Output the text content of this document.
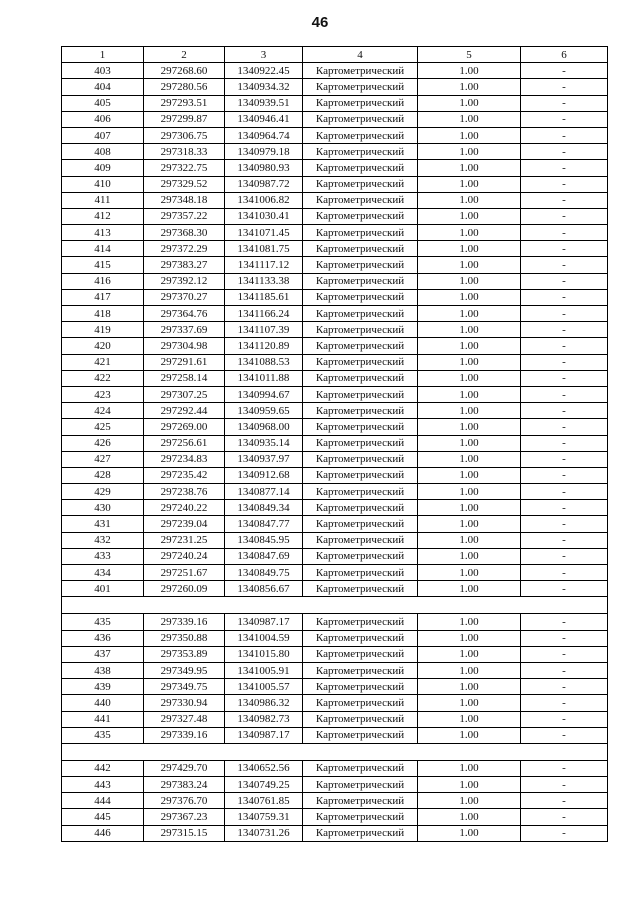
46
1	2	3	4	5	6
403	297268.60	1340922.45	Картометрический	1.00	-
404	297280.56	1340934.32	Картометрический	1.00	-
405	297293.51	1340939.51	Картометрический	1.00	-
406	297299.87	1340946.41	Картометрический	1.00	-
407	297306.75	1340964.74	Картометрический	1.00	-
408	297318.33	1340979.18	Картометрический	1.00	-
409	297322.75	1340980.93	Картометрический	1.00	-
410	297329.52	1340987.72	Картометрический	1.00	-
411	297348.18	1341006.82	Картометрический	1.00	-
412	297357.22	1341030.41	Картометрический	1.00	-
413	297368.30	1341071.45	Картометрический	1.00	-
414	297372.29	1341081.75	Картометрический	1.00	-
415	297383.27	1341117.12	Картометрический	1.00	-
416	297392.12	1341133.38	Картометрический	1.00	-
417	297370.27	1341185.61	Картометрический	1.00	-
418	297364.76	1341166.24	Картометрический	1.00	-
419	297337.69	1341107.39	Картометрический	1.00	-
420	297304.98	1341120.89	Картометрический	1.00	-
421	297291.61	1341088.53	Картометрический	1.00	-
422	297258.14	1341011.88	Картометрический	1.00	-
423	297307.25	1340994.67	Картометрический	1.00	-
424	297292.44	1340959.65	Картометрический	1.00	-
425	297269.00	1340968.00	Картометрический	1.00	-
426	297256.61	1340935.14	Картометрический	1.00	-
427	297234.83	1340937.97	Картометрический	1.00	-
428	297235.42	1340912.68	Картометрический	1.00	-
429	297238.76	1340877.14	Картометрический	1.00	-
430	297240.22	1340849.34	Картометрический	1.00	-
431	297239.04	1340847.77	Картометрический	1.00	-
432	297231.25	1340845.95	Картометрический	1.00	-
433	297240.24	1340847.69	Картометрический	1.00	-
434	297251.67	1340849.75	Картометрический	1.00	-
401	297260.09	1340856.67	Картометрический	1.00	-

435	297339.16	1340987.17	Картометрический	1.00	-
436	297350.88	1341004.59	Картометрический	1.00	-
437	297353.89	1341015.80	Картометрический	1.00	-
438	297349.95	1341005.91	Картометрический	1.00	-
439	297349.75	1341005.57	Картометрический	1.00	-
440	297330.94	1340986.32	Картометрический	1.00	-
441	297327.48	1340982.73	Картометрический	1.00	-
435	297339.16	1340987.17	Картометрический	1.00	-

442	297429.70	1340652.56	Картометрический	1.00	-
443	297383.24	1340749.25	Картометрический	1.00	-
444	297376.70	1340761.85	Картометрический	1.00	-
445	297367.23	1340759.31	Картометрический	1.00	-
446	297315.15	1340731.26	Картометрический	1.00	-
